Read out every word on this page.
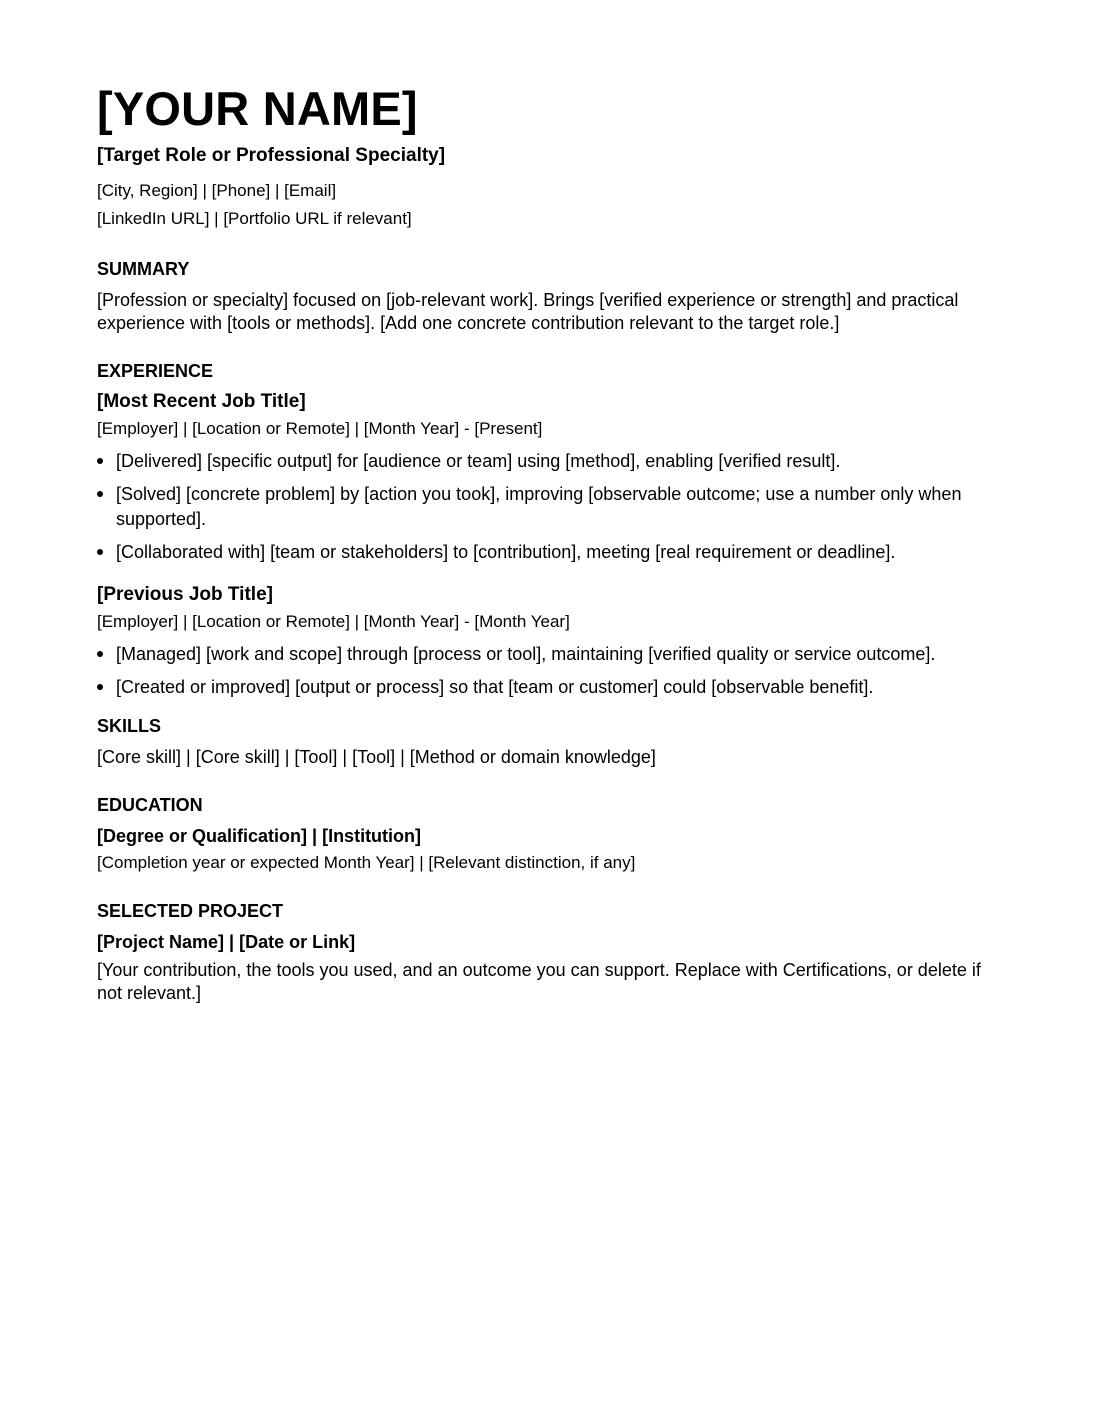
[YOUR NAME]
[Target Role or Professional Specialty]
[City, Region] | [Phone] | [Email]
[LinkedIn URL] | [Portfolio URL if relevant]
SUMMARY

[Profession or specialty] focused on [job-relevant work]. Brings [verified experience or strength] and practical experience with [tools or methods]. [Add one concrete contribution relevant to the target role.]

EXPERIENCE
[Most Recent Job Title]
[Employer] | [Location or Remote] | [Month Year] - [Present]
[Delivered] [specific output] for [audience or team] using [method], enabling [verified result].
[Solved] [concrete problem] by [action you took], improving [observable outcome; use a number only when supported].
[Collaborated with] [team or stakeholders] to [contribution], meeting [real requirement or deadline].
[Previous Job Title]
[Employer] | [Location or Remote] | [Month Year] - [Month Year]
[Managed] [work and scope] through [process or tool], maintaining [verified quality or service outcome].
[Created or improved] [output or process] so that [team or customer] could [observable benefit].
SKILLS

[Core skill] | [Core skill] | [Tool] | [Tool] | [Method or domain knowledge]

EDUCATION
[Degree or Qualification] | [Institution]
[Completion year or expected Month Year] | [Relevant distinction, if any]
SELECTED PROJECT
[Project Name] | [Date or Link]

[Your contribution, the tools you used, and an outcome you can support. Replace with Certifications, or delete if not relevant.]
